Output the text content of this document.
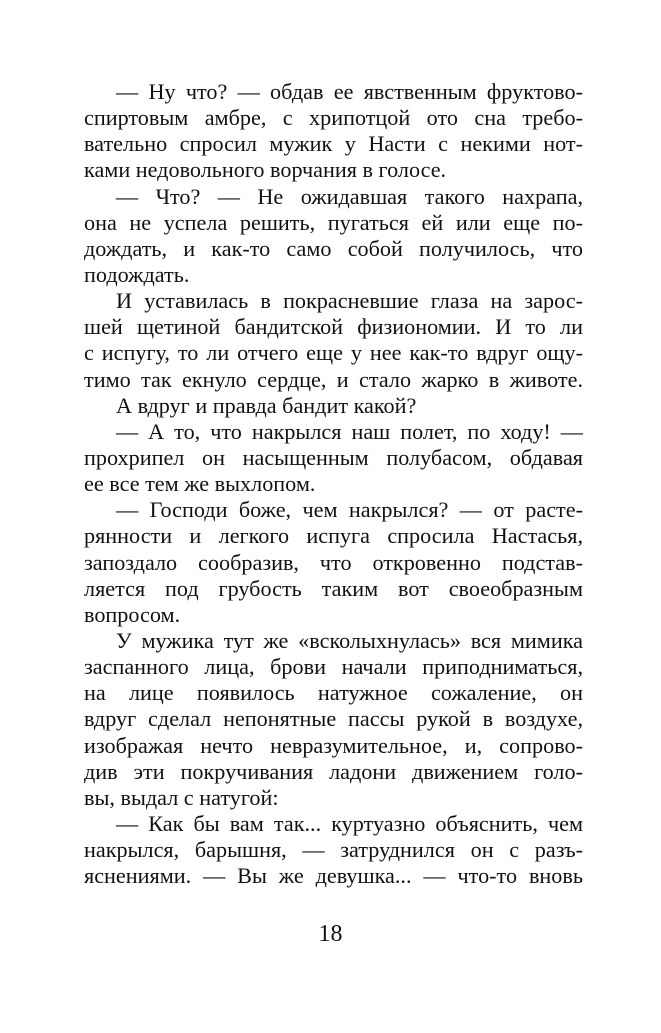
— Ну что? — обдав ее явственным фруктово-
спиртовым амбре, с хрипотцой ото сна требо-
вательно спросил мужик у Насти с некими нот-
ками недовольного ворчания в голосе.
— Что? — Не ожидавшая такого нахрапа,
она не успела решить, пугаться ей или еще по-
дождать, и как-то само собой получилось, что
подождать.
И уставилась в покрасневшие глаза на зарос-
шей щетиной бандитской физиономии. И то ли
с испугу, то ли отчего еще у нее как-то вдруг ощу-
тимо так екнуло сердце, и стало жарко в животе.
А вдруг и правда бандит какой?
— А то, что накрылся наш полет, по ходу! —
прохрипел он насыщенным полубасом, обдавая
ее все тем же выхлопом.
— Господи боже, чем накрылся? — от расте-
рянности и легкого испуга спросила Настасья,
запоздало сообразив, что откровенно подстав-
ляется под грубость таким вот своеобразным
вопросом.
У мужика тут же «всколыхнулась» вся мимика
заспанного лица, брови начали приподниматься,
на лице появилось натужное сожаление, он
вдруг сделал непонятные пассы рукой в воздухе,
изображая нечто невразумительное, и, сопрово-
див эти покручивания ладони движением голо-
вы, выдал с натугой:
— Как бы вам так... куртуазно объяснить, чем
накрылся, барышня, — затруднился он с разъ-
яснениями. — Вы же девушка... — что-то вновь
18
